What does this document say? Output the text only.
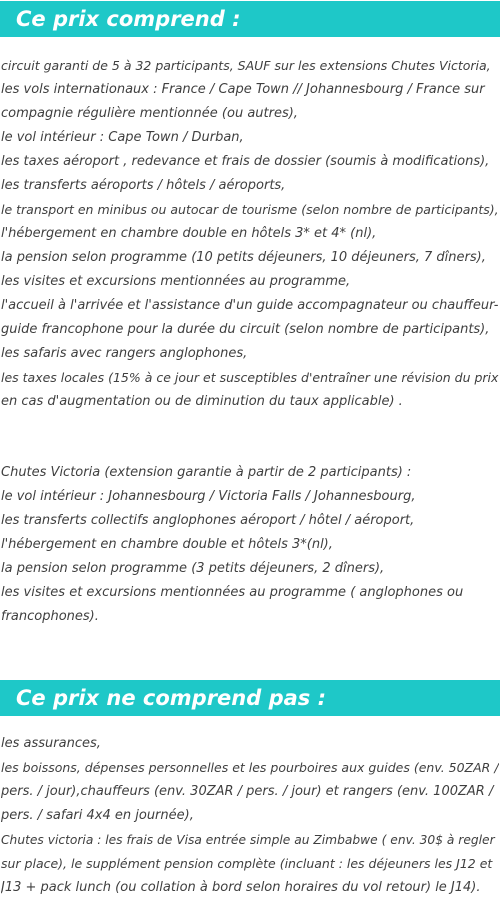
Ce prix comprend :
circuit garanti de 5 à 32 participants, SAUF sur les extensions Chutes Victoria,
les vols internationaux : France / Cape Town // Johannesbourg / France sur
compagnie régulière mentionnée (ou autres),
le vol intérieur : Cape Town / Durban,
les taxes aéroport , redevance et frais de dossier (soumis à modifications),
les transferts aéroports / hôtels / aéroports,
le transport en minibus ou autocar de tourisme (selon nombre de participants),
l'hébergement en chambre double en hôtels 3* et 4* (nl),
la pension selon programme (10 petits déjeuners, 10 déjeuners, 7 dîners),
les visites et excursions mentionnées au programme,
l'accueil à l'arrivée et l'assistance d'un guide accompagnateur ou chauffeur-
guide francophone pour la durée du circuit (selon nombre de participants),
les safaris avec rangers anglophones,
les taxes locales (15% à ce jour et susceptibles d'entraîner une révision du prix
en cas d'augmentation ou de diminution du taux applicable) .
Chutes Victoria (extension garantie à partir de 2 participants) :
le vol intérieur : Johannesbourg / Victoria Falls / Johannesbourg,
les transferts collectifs anglophones aéroport / hôtel / aéroport,
l'hébergement en chambre double et hôtels 3*(nl),
la pension selon programme (3 petits déjeuners, 2 dîners),
les visites et excursions mentionnées au programme ( anglophones ou
francophones).
Ce prix ne comprend pas :
les assurances,
les boissons, dépenses personnelles et les pourboires aux guides (env. 50ZAR /
pers. / jour),chauffeurs (env. 30ZAR / pers. / jour) et rangers (env. 100ZAR /
pers. / safari 4x4 en journée),
Chutes victoria : les frais de Visa entrée simple au Zimbabwe ( env. 30$ à regler
sur place), le supplément pension complète (incluant : les déjeuners les J12 et
J13 + pack lunch (ou collation à bord selon horaires du vol retour) le J14).
